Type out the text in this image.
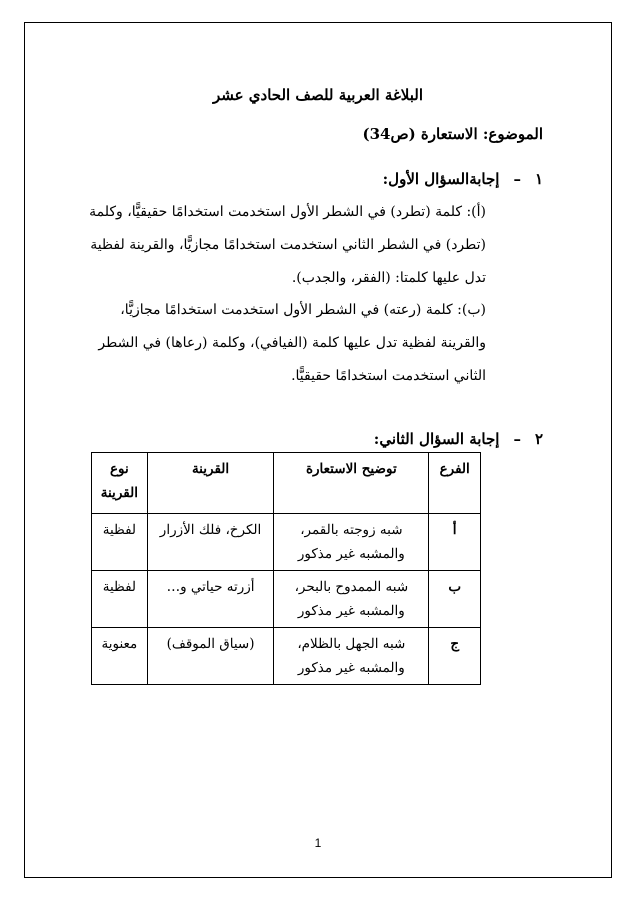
البلاغة العربية للصف الحادي عشر
الموضوع: الاستعارة (ص34)
١–إجابةالسؤال الأول:
(أ): كلمة (تطرد) في الشطر الأول استخدمت استخدامًا حقيقيًّا، وكلمة
(تطرد) في الشطر الثاني استخدمت استخدامًا مجازيًّا، والقرينة لفظية
تدل عليها كلمتا: (الفقر، والجدب).
(ب): كلمة (رعته) في الشطر الأول استخدمت استخدامًا مجازيًّا،
والقرينة لفظية تدل عليها كلمة (الفيافي)، وكلمة (رعاها) في الشطر
الثاني استخدمت استخدامًا حقيقيًّا.
٢–إجابة السؤال الثاني:
الفرع	توضيح الاستعارة	القرينة	نوع القرينة
أ	شبه زوجته بالقمر، والمشبه غير مذكور	الكرخ، فلك الأزرار	لفظية
ب	شبه الممدوح بالبحر، والمشبه غير مذكور	أزرته حياتي و…	لفظية
ج	شبه الجهل بالظلام، والمشبه غير مذكور	(سياق الموقف)	معنوية
1
